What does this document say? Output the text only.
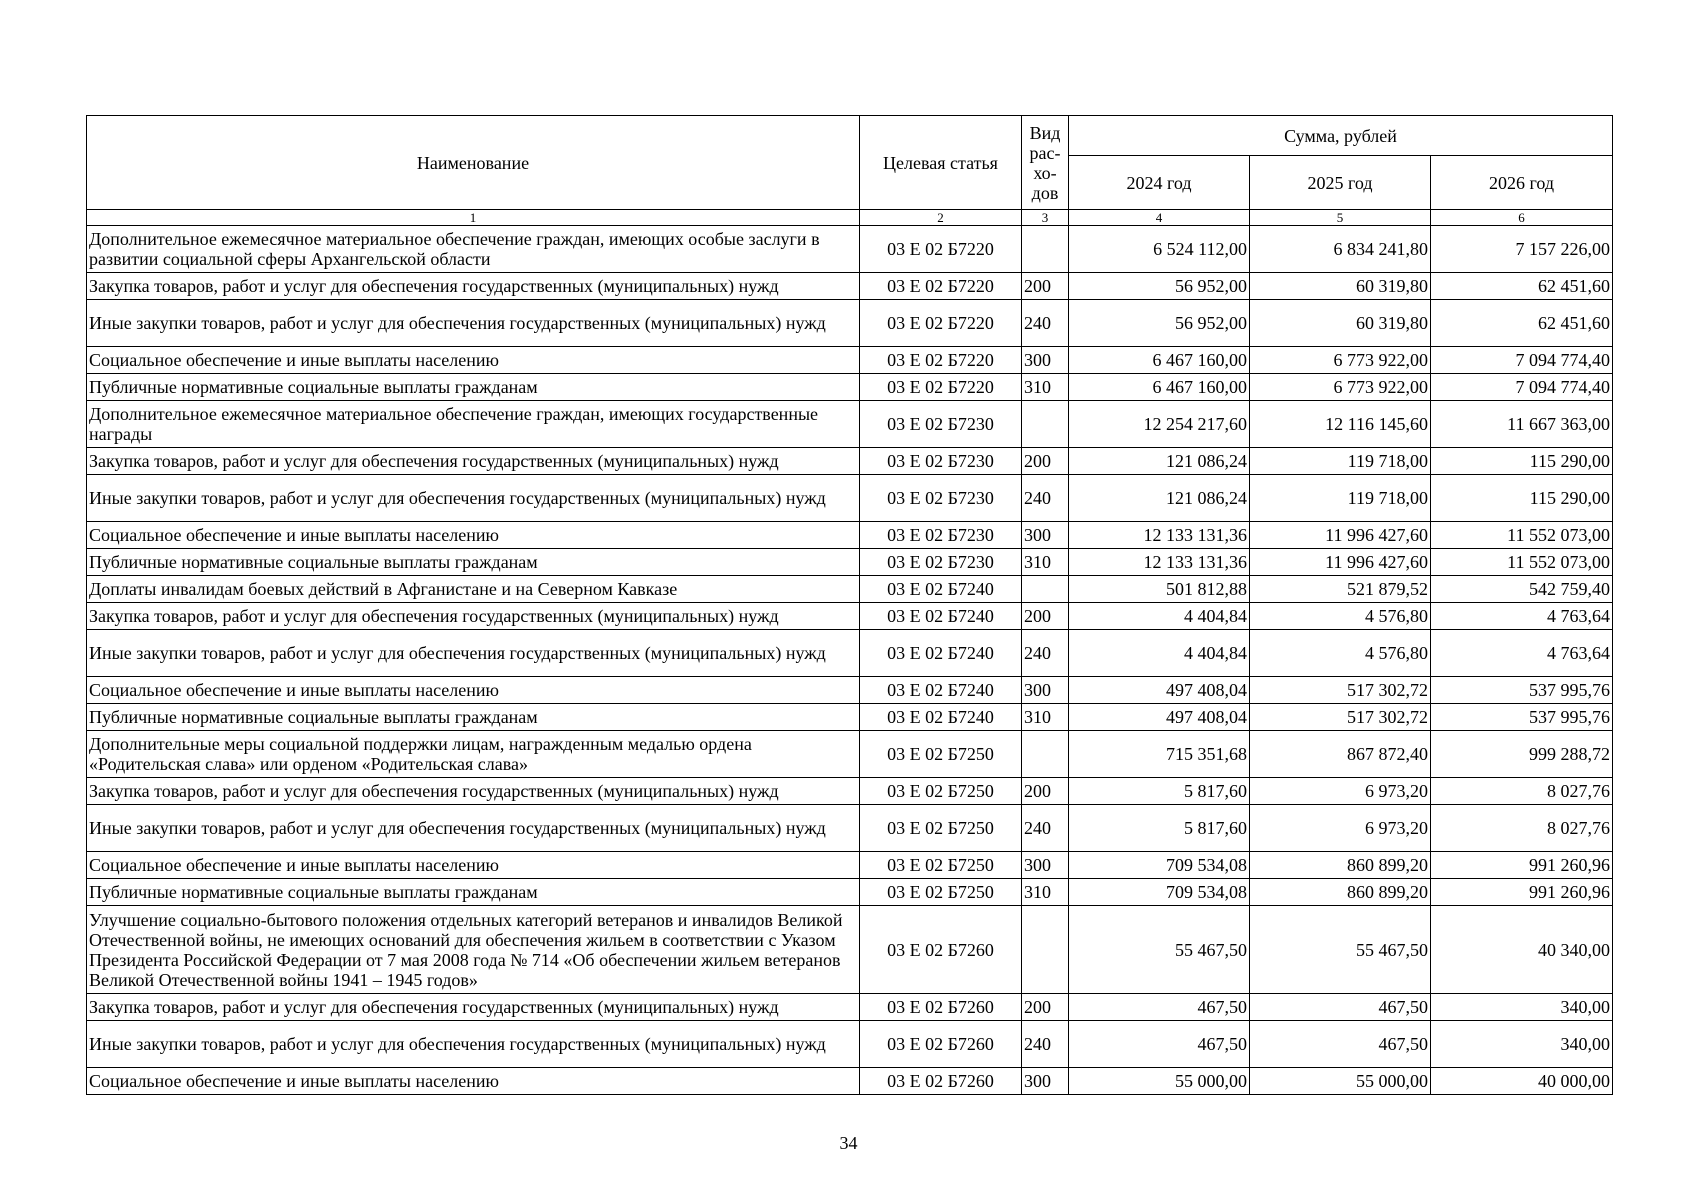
Наименование	Целевая статья	Вид рас-хо-дов	Сумма, рублей		
			2024 год	2025 год	2026 год
1	2	3	4	5	6
Дополнительное ежемесячное материальное обеспечение граждан, имеющих особые заслуги в развитии социальной сферы Архангельской области	03 Е 02 Б7220		6 524 112,00	6 834 241,80	7 157 226,00
Закупка товаров, работ и услуг для обеспечения государственных (муниципальных) нужд	03 Е 02 Б7220	200	56 952,00	60 319,80	62 451,60
Иные закупки товаров, работ и услуг для обеспечения государственных (муниципальных) нужд	03 Е 02 Б7220	240	56 952,00	60 319,80	62 451,60
Социальное обеспечение и иные выплаты населению	03 Е 02 Б7220	300	6 467 160,00	6 773 922,00	7 094 774,40
Публичные нормативные социальные выплаты гражданам	03 Е 02 Б7220	310	6 467 160,00	6 773 922,00	7 094 774,40
Дополнительное ежемесячное материальное обеспечение граждан, имеющих государственные награды	03 Е 02 Б7230		12 254 217,60	12 116 145,60	11 667 363,00
Закупка товаров, работ и услуг для обеспечения государственных (муниципальных) нужд	03 Е 02 Б7230	200	121 086,24	119 718,00	115 290,00
Иные закупки товаров, работ и услуг для обеспечения государственных (муниципальных) нужд	03 Е 02 Б7230	240	121 086,24	119 718,00	115 290,00
Социальное обеспечение и иные выплаты населению	03 Е 02 Б7230	300	12 133 131,36	11 996 427,60	11 552 073,00
Публичные нормативные социальные выплаты гражданам	03 Е 02 Б7230	310	12 133 131,36	11 996 427,60	11 552 073,00
Доплаты инвалидам боевых действий в Афганистане и на Северном Кавказе	03 Е 02 Б7240		501 812,88	521 879,52	542 759,40
Закупка товаров, работ и услуг для обеспечения государственных (муниципальных) нужд	03 Е 02 Б7240	200	4 404,84	4 576,80	4 763,64
Иные закупки товаров, работ и услуг для обеспечения государственных (муниципальных) нужд	03 Е 02 Б7240	240	4 404,84	4 576,80	4 763,64
Социальное обеспечение и иные выплаты населению	03 Е 02 Б7240	300	497 408,04	517 302,72	537 995,76
Публичные нормативные социальные выплаты гражданам	03 Е 02 Б7240	310	497 408,04	517 302,72	537 995,76
Дополнительные меры социальной поддержки лицам, награжденным медалью ордена «Родительская слава» или орденом «Родительская слава»	03 Е 02 Б7250		715 351,68	867 872,40	999 288,72
Закупка товаров, работ и услуг для обеспечения государственных (муниципальных) нужд	03 Е 02 Б7250	200	5 817,60	6 973,20	8 027,76
Иные закупки товаров, работ и услуг для обеспечения государственных (муниципальных) нужд	03 Е 02 Б7250	240	5 817,60	6 973,20	8 027,76
Социальное обеспечение и иные выплаты населению	03 Е 02 Б7250	300	709 534,08	860 899,20	991 260,96
Публичные нормативные социальные выплаты гражданам	03 Е 02 Б7250	310	709 534,08	860 899,20	991 260,96
Улучшение социально-бытового положения отдельных категорий ветеранов и инвалидов Великой Отечественной войны, не имеющих оснований для обеспечения жильем в соответствии с Указом Президента Российской Федерации от 7 мая 2008 года № 714 «Об обеспечении жильем ветеранов Великой Отечественной войны 1941 – 1945 годов»	03 Е 02 Б7260		55 467,50	55 467,50	40 340,00
Закупка товаров, работ и услуг для обеспечения государственных (муниципальных) нужд	03 Е 02 Б7260	200	467,50	467,50	340,00
Иные закупки товаров, работ и услуг для обеспечения государственных (муниципальных) нужд	03 Е 02 Б7260	240	467,50	467,50	340,00
Социальное обеспечение и иные выплаты населению	03 Е 02 Б7260	300	55 000,00	55 000,00	40 000,00
34
